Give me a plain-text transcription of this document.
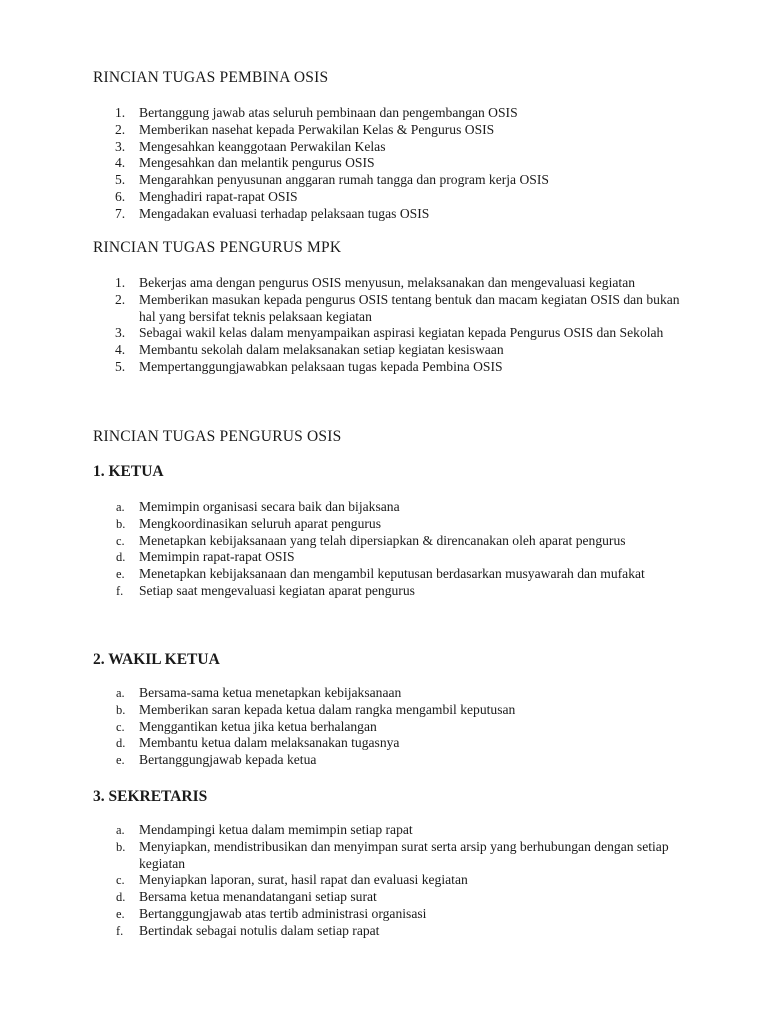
RINCIAN TUGAS PEMBINA OSIS
1.	Bertanggung jawab atas seluruh pembinaan dan pengembangan OSIS
2.	Memberikan nasehat kepada Perwakilan Kelas & Pengurus OSIS
3.	Mengesahkan keanggotaan Perwakilan Kelas
4.	Mengesahkan dan melantik pengurus OSIS
5.	Mengarahkan penyusunan anggaran rumah tangga dan program kerja OSIS
6.	Menghadiri rapat-rapat OSIS
7.	Mengadakan evaluasi terhadap pelaksaan tugas OSIS
RINCIAN TUGAS PENGURUS MPK
1.	Bekerjas ama dengan pengurus OSIS menyusun, melaksanakan dan mengevaluasi kegiatan
2.	Memberikan masukan kepada pengurus OSIS tentang bentuk dan macam kegiatan OSIS dan bukan hal yang bersifat teknis pelaksaan kegiatan
3.	Sebagai wakil kelas dalam menyampaikan aspirasi kegiatan kepada Pengurus OSIS dan Sekolah
4.	Membantu sekolah dalam melaksanakan setiap kegiatan kesiswaan
5.	Mempertanggungjawabkan pelaksaan tugas kepada Pembina OSIS
RINCIAN TUGAS PENGURUS OSIS
1. KETUA
a.	Memimpin organisasi secara baik dan bijaksana
b.	Mengkoordinasikan seluruh aparat pengurus
c.	Menetapkan kebijaksanaan yang telah dipersiapkan & direncanakan oleh aparat pengurus
d.	Memimpin rapat-rapat OSIS
e.	Menetapkan kebijaksanaan dan mengambil keputusan berdasarkan musyawarah dan mufakat
f.	Setiap saat mengevaluasi kegiatan aparat pengurus
2. WAKIL KETUA
a.	Bersama-sama ketua menetapkan kebijaksanaan
b.	Memberikan saran kepada ketua dalam rangka mengambil keputusan
c.	Menggantikan ketua jika ketua berhalangan
d.	Membantu ketua dalam melaksanakan tugasnya
e.	Bertanggungjawab kepada ketua
3. SEKRETARIS
a.	Mendampingi ketua dalam memimpin setiap rapat
b.	Menyiapkan, mendistribusikan dan menyimpan surat serta arsip yang berhubungan dengan setiap kegiatan
c.	Menyiapkan laporan, surat, hasil rapat dan evaluasi kegiatan
d.	Bersama ketua menandatangani setiap surat
e.	Bertanggungjawab atas tertib administrasi organisasi
f.	Bertindak sebagai notulis dalam setiap rapat
